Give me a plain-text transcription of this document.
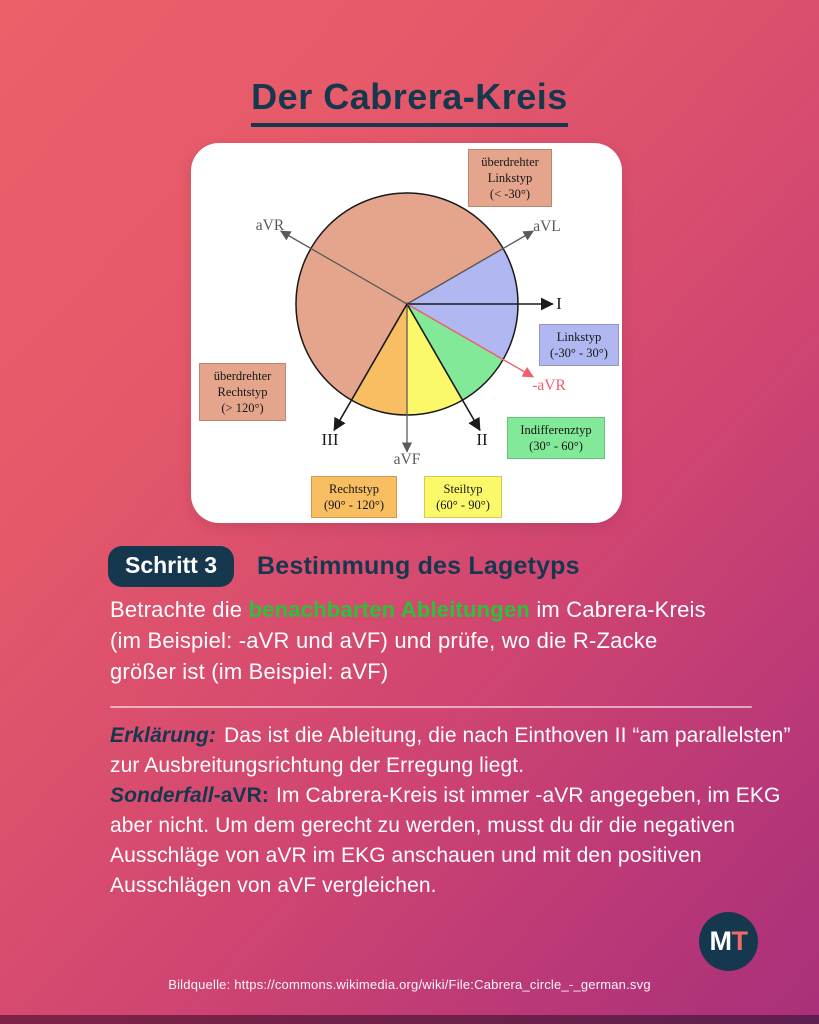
Der Cabrera-Kreis
aVR	aVL
I
-aVR
II
III
aVF
überdrehter
Linkstyp
(< -30°)
Linkstyp
(-30° - 30°)
Indifferenztyp
(30° - 60°)
Steiltyp
(60° - 90°)
Rechtstyp
(90° - 120°)
überdrehter
Rechtstyp
(> 120°)
Schritt 3	Bestimmung des Lagetyps
Betrachte die benachbarten Ableitungen im Cabrera-Kreis
(im Beispiel: -aVR und aVF) und prüfe, wo die R-Zacke
größer ist (im Beispiel: aVF)

Erklärung: Das ist die Ableitung, die nach Einthoven II “am parallelsten” zur Ausbreitungsrichtung der Erregung liegt.

Sonderfall-aVR: Im Cabrera-Kreis ist immer -aVR angegeben, im EKG aber nicht. Um dem gerecht zu werden, musst du dir die negativen Ausschläge von aVR im EKG anschauen und mit den positiven Ausschlägen von aVF vergleichen.

M T
Bildquelle: https://commons.wikimedia.org/wiki/File:Cabrera_circle_-_german.svg
